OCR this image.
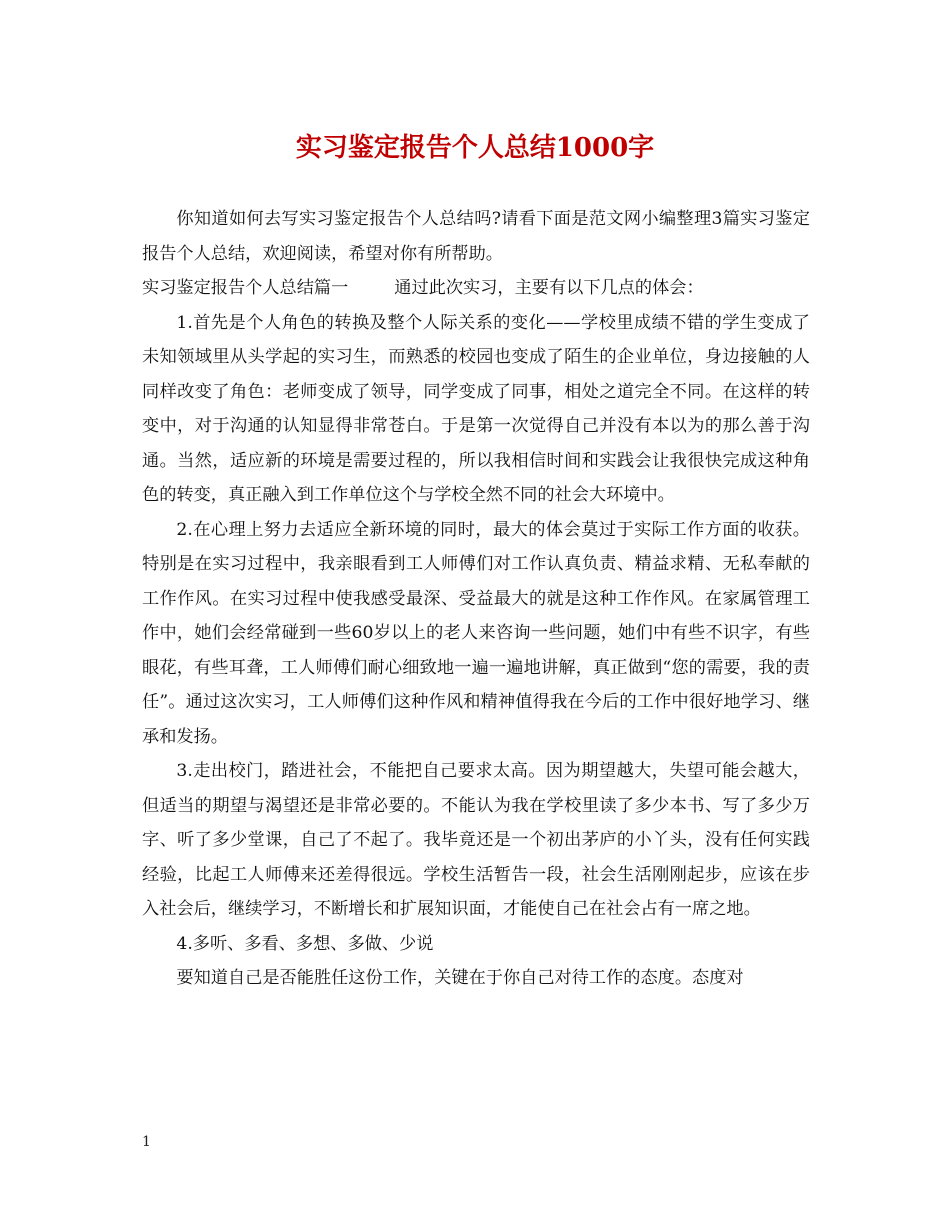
实习鉴定报告个人总结1000字

你知道如何去写实习鉴定报告个人总结吗?请看下面是范文网小编整理3篇实习鉴定报告个人总结，欢迎阅读，希望对你有所帮助。

实习鉴定报告个人总结篇一	通过此次实习，主要有以下几点的体会：

1.首先是个人角色的转换及整个人际关系的变化——学校里成绩不错的学生变成了未知领域里从头学起的实习生，而熟悉的校园也变成了陌生的企业单位，身边接触的人同样改变了角色：老师变成了领导，同学变成了同事，相处之道完全不同。在这样的转变中，对于沟通的认知显得非常苍白。于是第一次觉得自己并没有本以为的那么善于沟通。当然，适应新的环境是需要过程的，所以我相信时间和实践会让我很快完成这种角色的转变，真正融入到工作单位这个与学校全然不同的社会大环境中。

2.在心理上努力去适应全新环境的同时，最大的体会莫过于实际工作方面的收获。特别是在实习过程中，我亲眼看到工人师傅们对工作认真负责、精益求精、无私奉献的工作作风。在实习过程中使我感受最深、受益最大的就是这种工作作风。在家属管理工作中，她们会经常碰到一些60岁以上的老人来咨询一些问题，她们中有些不识字，有些眼花，有些耳聋，工人师傅们耐心细致地一遍一遍地讲解，真正做到“您的需要，我的责任”。通过这次实习，工人师傅们这种作风和精神值得我在今后的工作中很好地学习、继承和发扬。

3.走出校门，踏进社会，不能把自己要求太高。因为期望越大，失望可能会越大，但适当的期望与渴望还是非常必要的。不能认为我在学校里读了多少本书、写了多少万字、听了多少堂课，自己了不起了。我毕竟还是一个初出茅庐的小丫头，没有任何实践经验，比起工人师傅来还差得很远。学校生活暂告一段，社会生活刚刚起步，应该在步入社会后，继续学习，不断增长和扩展知识面，才能使自己在社会占有一席之地。

4.多听、多看、多想、多做、少说

要知道自己是否能胜任这份工作，关键在于你自己对待工作的态度。态度对

1
